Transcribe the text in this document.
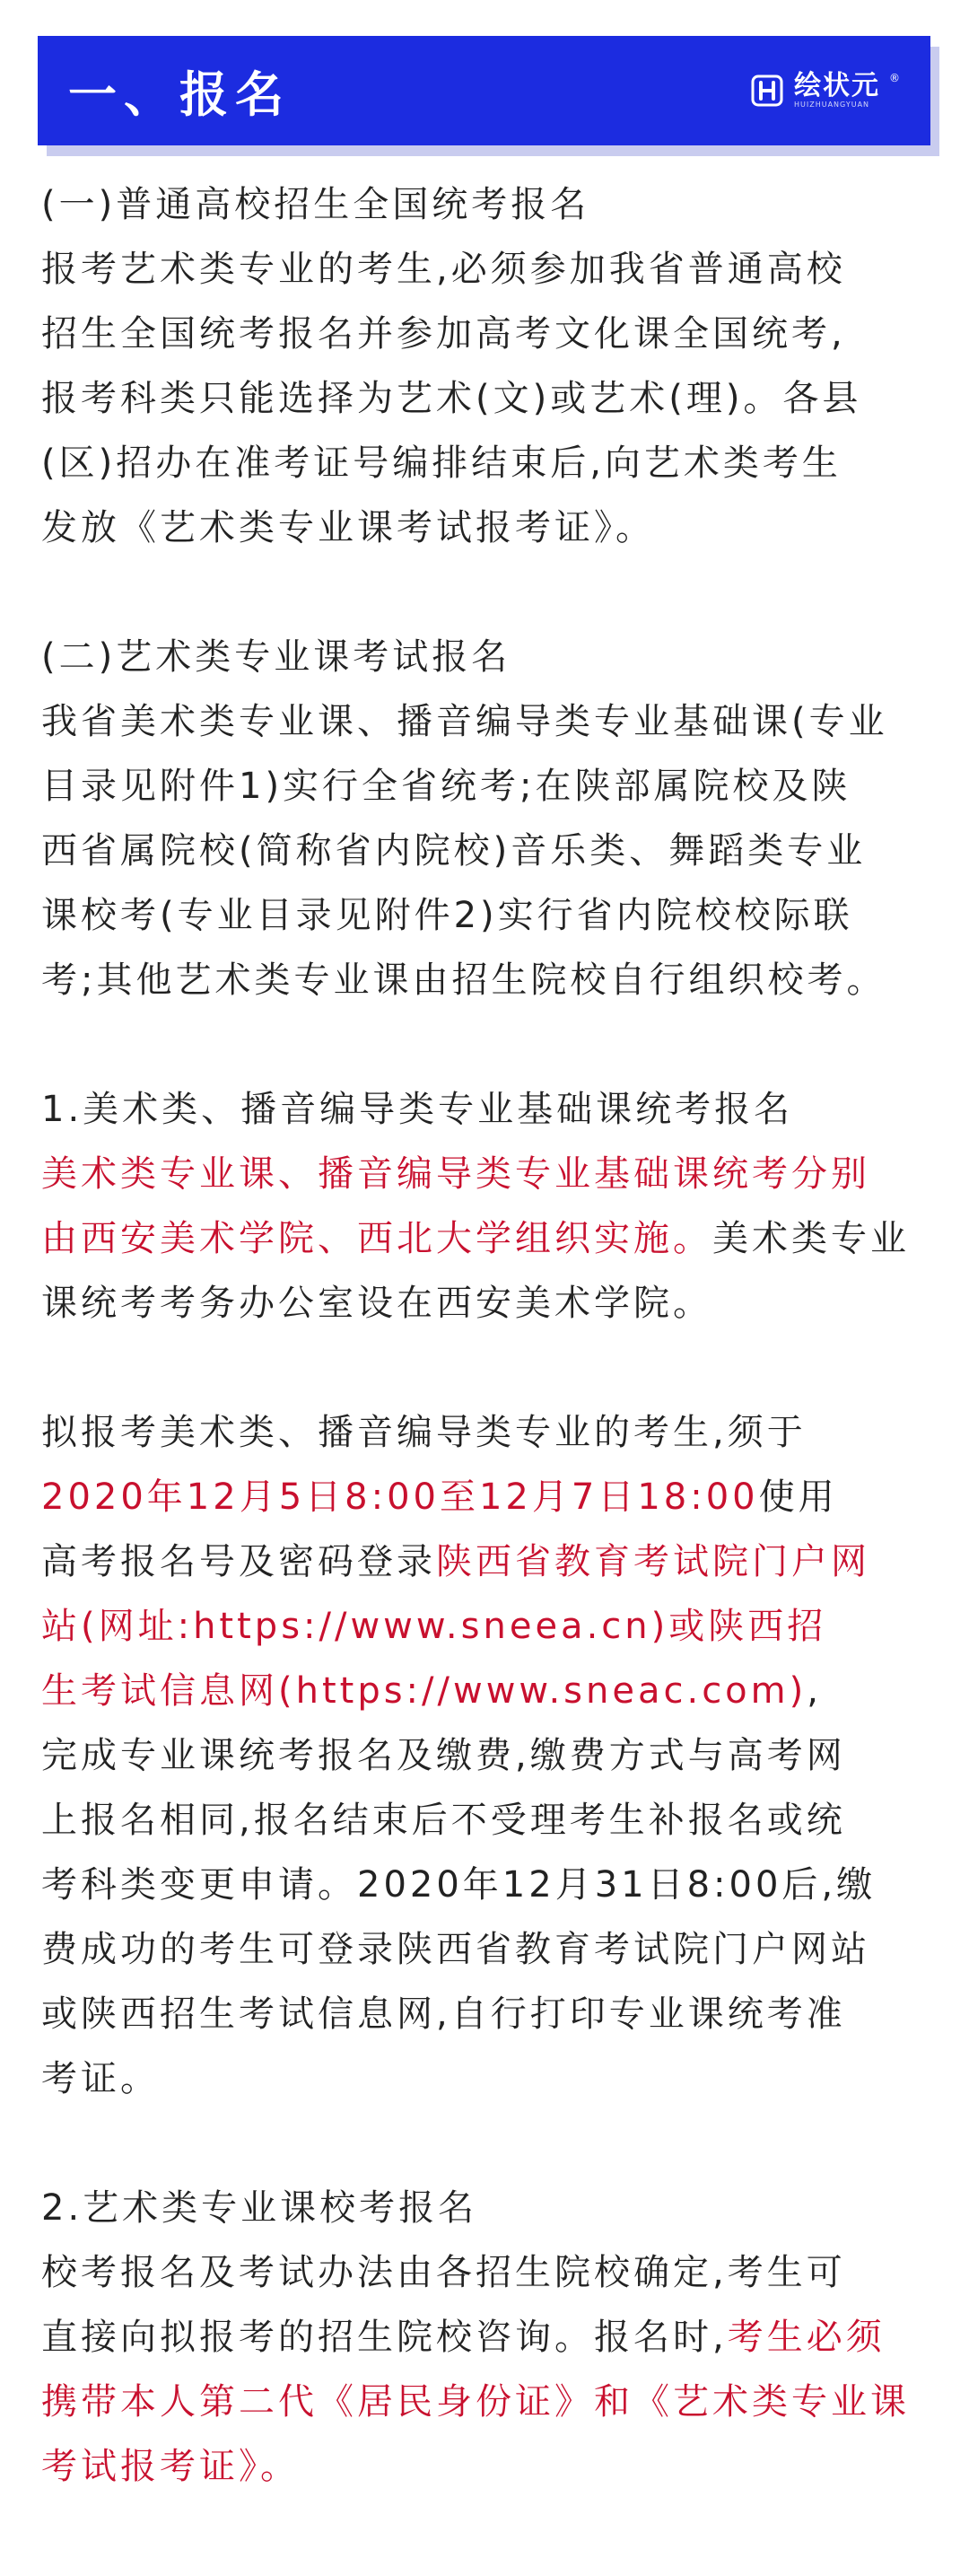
一、报名	绘状元
HUIZHUANGYUAN
®
(一)普通高校招生全国统考报名
报考艺术类专业的考生,必须参加我省普通高校
招生全国统考报名并参加高考文化课全国统考,
报考科类只能选择为艺术(文)或艺术(理)。各县
(区)招办在准考证号编排结束后,向艺术类考生
发放《艺术类专业课考试报考证》。
(二)艺术类专业课考试报名
我省美术类专业课、播音编导类专业基础课(专业
目录见附件1)实行全省统考;在陕部属院校及陕
西省属院校(简称省内院校)音乐类、舞蹈类专业
课校考(专业目录见附件2)实行省内院校校际联
考;其他艺术类专业课由招生院校自行组织校考。
1.美术类、播音编导类专业基础课统考报名
美术类专业课、播音编导类专业基础课统考分别
由西安美术学院、西北大学组织实施。美术类专业
课统考考务办公室设在西安美术学院。
拟报考美术类、播音编导类专业的考生,须于
2020年12月5日8:00至12月7日18:00使用
高考报名号及密码登录陕西省教育考试院门户网
站(网址:https://www.sneea.cn)或陕西招
生考试信息网(https://www.sneac.com),
完成专业课统考报名及缴费,缴费方式与高考网
上报名相同,报名结束后不受理考生补报名或统
考科类变更申请。2020年12月31日8:00后,缴
费成功的考生可登录陕西省教育考试院门户网站
或陕西招生考试信息网,自行打印专业课统考准
考证。
2.艺术类专业课校考报名
校考报名及考试办法由各招生院校确定,考生可
直接向拟报考的招生院校咨询。报名时,考生必须
携带本人第二代《居民身份证》和《艺术类专业课
考试报考证》。
